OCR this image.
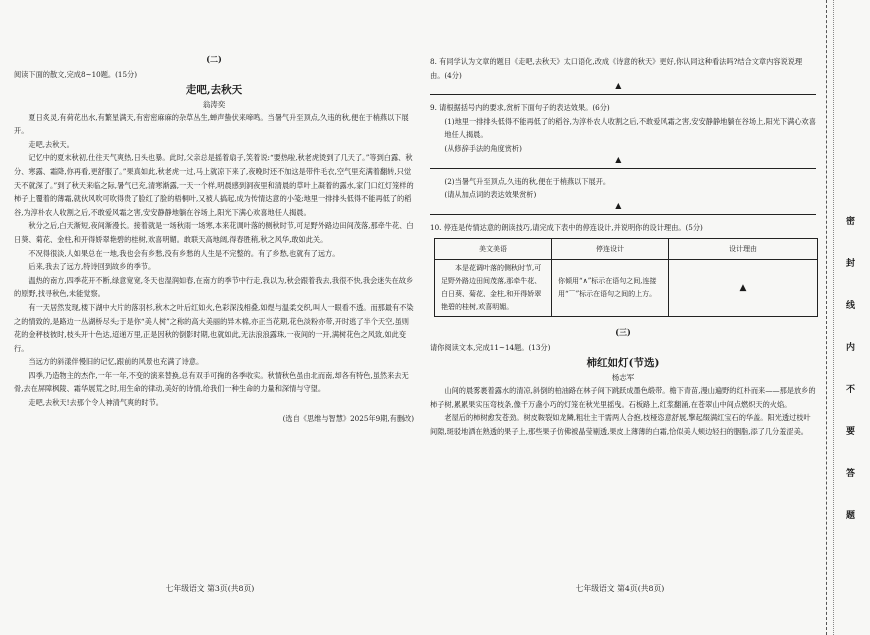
(二)
阅读下面的散文,完成8~10题。(15分)
走吧,去秋天
翁涛奕

夏日炙灵,有荷花出水,有繁星满天,有密密麻麻的杂草丛生,蝉声蛰伏来啼鸣。当暑气升至顶点,久违的秋,便在于梢燕以下展开。

走吧,去秋天。

记忆中的夏末秋初,仕往天气爽热,日头也暴。此时,父亲总是摇着扇子,笑着说:“要热啦,秋老虎烫到了几天了。”等到白露、秋分、寒露、霜降,你再看,更舒服了。”果真如此,秋老虎一过,马上就凉下来了,夜晚时还不加这是带件毛衣,空气里充满着翻转,只觉天不就深了。”到了秋天来临之际,暑气已充,清寒渐露,一天一个样,明晨感到洞夜里和清晨的草叶上凝着的露水,家门口红灯笼样的柿子上覆着的薄霜,就伙风吹可吹得贵了脸红了脸的梧桐叶,又被人搞起,成为传情达意的小笺;地里一排排头低得不能再低了的稻谷,为淳朴农人收割之后,不敢爱风霜之害,安安静静地躺在谷场上,阳光下满心欢喜地任人揭晨。

秋分之后,白天渐短,夜间渐漫长。接着就是一场秋雨一场寒,本来花调叶落的侧秋时节,可足野外路边田间茂落,那牵牛花、白日葵、菊花、金柱,和开得娇翠艳碧的桂树,欢喜明媚。敢联天高地阔,得春胜稍,秋之风华,敢如此关。

不况得很淡,人如果总在一地,我也会有乡愁,没有乡愁的人生是不完整的。有了乡愁,也就有了远方。

后来,我去了远方,特诗回到故乡的季节。

温热的南方,四季花开不断,绿意宽宽,冬天也湿润如春,在南方的季节中行走,我以为,秋会跟着我去,我很不快,我会迷失在故乡的原野,找寻秋色,未能觉察。

有一天居然发现,楼下湖中大片的落羽杉,秋木之叶后红如火,色彩深浅相叠,如煜与温柔交织,叫人一眼看不透。而那最有不染之的情致的,是路边一丛湖桥尽头;于是你“美人树”之称的高大美丽的异木棉,亦正当花期,花色淡粉亦带,开时逃了半个天空,虽则花的金秤枝彼时,枝头开十色达,迢递万里,正是因秋的倒影时期,也就如此,无法浪浪露珠,一夜间的一开,满树花色之风致,如此变行。

当远方的斜漾伴慢旧的记忆,跟前的风景也充满了诗意。

四季,乃造物主的杰作,一年一年,不变的演来替换,总有双手可掬的各季收实。秋情秋色虽由北而南,却各有特色,虽然来去无骨,去在屏障枫陵、霜华展荒之时,用生命的律动,美好的诗情,给我们一种生命的力量和深情与守望。

走吧,去秋天!去那个令人神清气爽的时节。

(选自《思维与智慧》2025年9期,有删改)
七年级语文 第3页(共8页)
8. 有同学认为文章的题目《走吧,去秋天》太口语化,改成《诗意的秋天》更好,你认同这种看法吗?结合文章内容说说理由。(4分)
▲
9. 请根据括号内的要求,赏析下面句子的表达效果。(6分)
(1)地里一排排头低得不能再低了的稻谷,为淳朴农人收割之后,不敢爱风霜之害,安安静静地躺在谷场上,阳光下满心欢喜地任人揭晨。
(从修辞手法的角度赏析)
▲
(2)当暑气升至顶点,久违的秋,便在于梢燕以下展开。
(请从加点词的表达效果赏析)
▲
10. 停连是传情达意的朗读技巧,请完成下表中的停连设计,并说明你的设计理由。(5分)
美文美语	停连设计	设计理由
本是花调叶落的侧秋时节,可足野外路边田间茂落,那牵牛花、白日葵、菊花、金柱,和开得娇翠艳碧的桂树,欢喜明媚。	你倾用“∧”标示在语句之间,连接用“⌒”标示在语句之间的上方。	▲
(三)
请你阅读文本,完成11~14题。(13分)
柿红如灯(节选)
杨志军

山间的晨雾裹着露水的清凉,斜倒的柏油路在林子间下跳跃成墨色缎带。檐下青苗,漫山遍野的红朴而来——那是放乡的柿子树,累累果实压弯枝条,像千万盏小巧的灯笼在秋光里摇曳。石板路上,红浆翻涌,在苍翠山中间点燃炽天的火焰。

老屋后的柿树愈发苍劲。树皮鞍裂如龙鳞,粗壮主干需两人合抱,枝桠恣意舒展,擎起缀满红宝石的华盖。阳光透过枝叶间隙,斑驳地洒在熟透的果子上,那些果子仿佛被晶莹剔透,果皮上薄薄的白霜,恰似美人颊边轻扫的胭脂,添了几分羞涩美。

七年级语文 第4页(共8页)
密
封
线
内
不
要
答
题
